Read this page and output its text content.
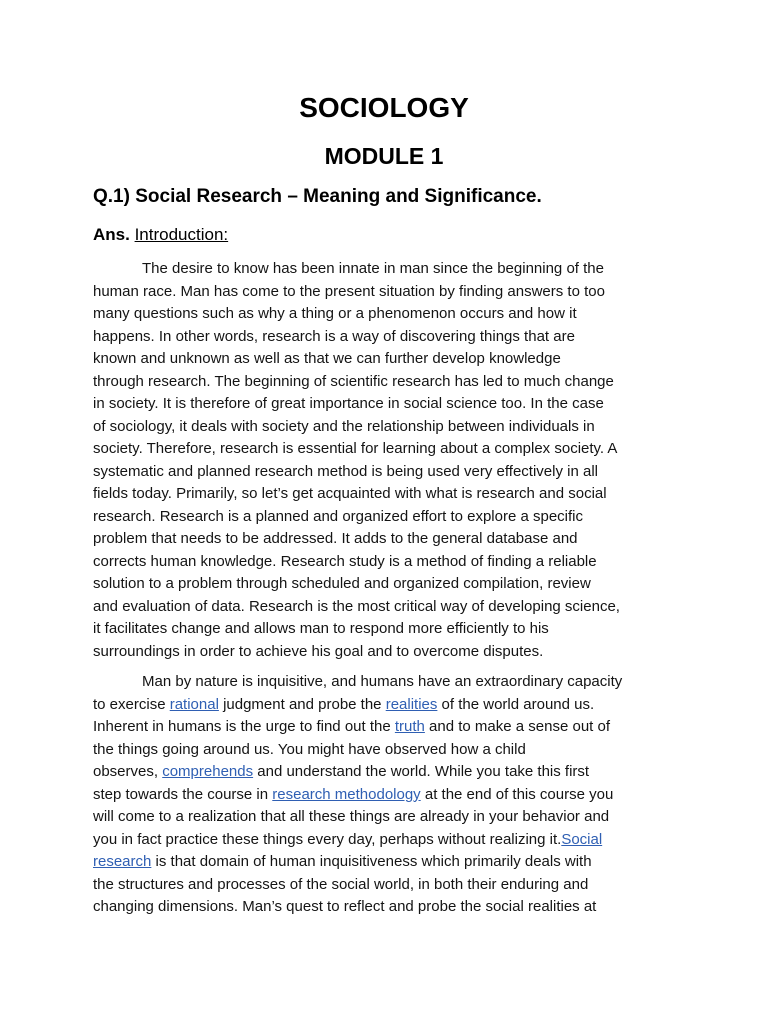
SOCIOLOGY
MODULE 1
Q.1) Social Research – Meaning and Significance.

Ans. Introduction:

The desire to know has been innate in man since the beginning of the
human race. Man has come to the present situation by finding answers to too
many questions such as why a thing or a phenomenon occurs and how it
happens. In other words, research is a way of discovering things that are
known and unknown as well as that we can further develop knowledge
through research. The beginning of scientific research has led to much change
in society. It is therefore of great importance in social science too. In the case
of sociology, it deals with society and the relationship between individuals in
society. Therefore, research is essential for learning about a complex society. A
systematic and planned research method is being used very effectively in all
fields today. Primarily, so let’s get acquainted with what is research and social
research. Research is a planned and organized effort to explore a specific
problem that needs to be addressed. It adds to the general database and
corrects human knowledge. Research study is a method of finding a reliable
solution to a problem through scheduled and organized compilation, review
and evaluation of data. Research is the most critical way of developing science,
it facilitates change and allows man to respond more efficiently to his
surroundings in order to achieve his goal and to overcome disputes.
Man by nature is inquisitive, and humans have an extraordinary capacity
to exercise rational judgment and probe the realities of the world around us.
Inherent in humans is the urge to find out the truth and to make a sense out of
the things going around us. You might have observed how a child
observes, comprehends and understand the world. While you take this first
step towards the course in research methodology at the end of this course you
will come to a realization that all these things are already in your behavior and
you in fact practice these things every day, perhaps without realizing it.Social
research is that domain of human inquisitiveness which primarily deals with
the structures and processes of the social world, in both their enduring and
changing dimensions. Man’s quest to reflect and probe the social realities at
